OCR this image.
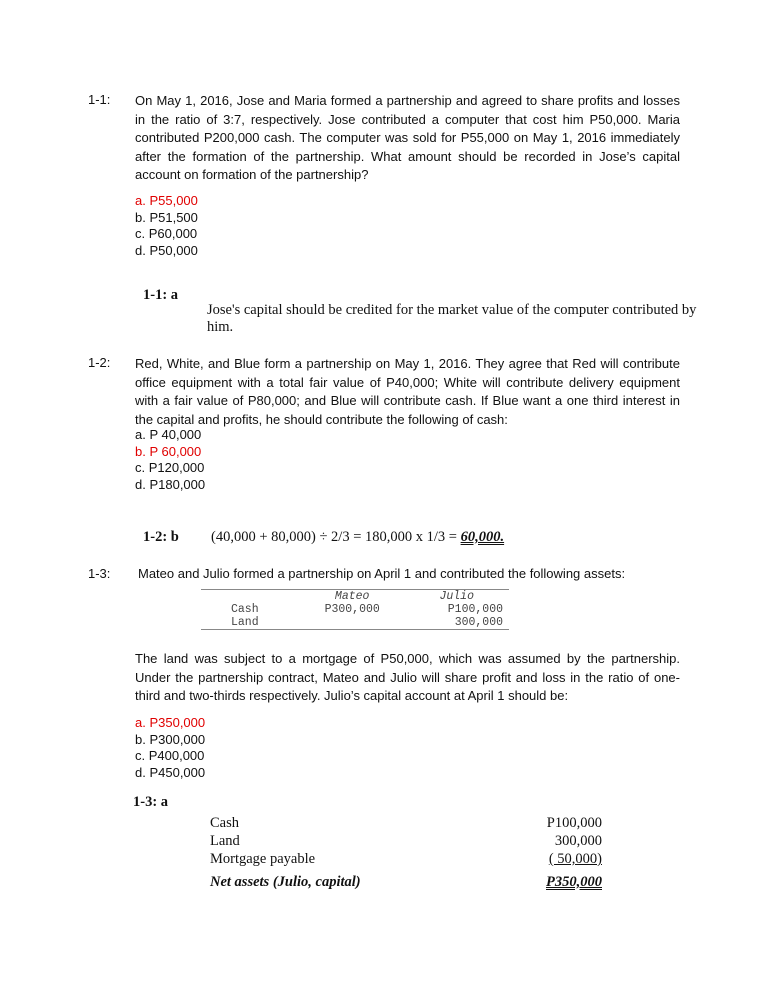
1-1: On May 1, 2016, Jose and Maria formed a partnership and agreed to share profits and losses in the ratio of 3:7, respectively. Jose contributed a computer that cost him P50,000. Maria contributed P200,000 cash. The computer was sold for P55,000 on May 1, 2016 immediately after the formation of the partnership. What amount should be recorded in Jose’s capital account on formation of the partnership?
a. P55,000
b. P51,500
c. P60,000
d. P50,000
1-1: a
Jose's capital should be credited for the market value of the computer contributed by him.
1-2: Red, White, and Blue form a partnership on May 1, 2016. They agree that Red will contribute office equipment with a total fair value of P40,000; White will contribute delivery equipment with a fair value of P80,000; and Blue will contribute cash. If Blue want a one third interest in the capital and profits, he should contribute the following of cash:
a. P 40,000
b. P 60,000
c. P120,000
d. P180,000
1-2: b (40,000 + 80,000) ÷ 2/3 = 180,000 x 1/3 = 60,000.
1-3: Mateo and Julio formed a partnership on April 1 and contributed the following assets:
	Mateo	Julio
Cash	P300,000	P100,000
Land		300,000
The land was subject to a mortgage of P50,000, which was assumed by the partnership. Under the partnership contract, Mateo and Julio will share profit and loss in the ratio of one-third and two-thirds respectively. Julio’s capital account at April 1 should be:
a. P350,000
b. P300,000
c. P400,000
d. P450,000
1-3: a
Cash	P100,000
Land	300,000
Mortgage payable	( 50,000)
Net assets (Julio, capital)	P350,000
